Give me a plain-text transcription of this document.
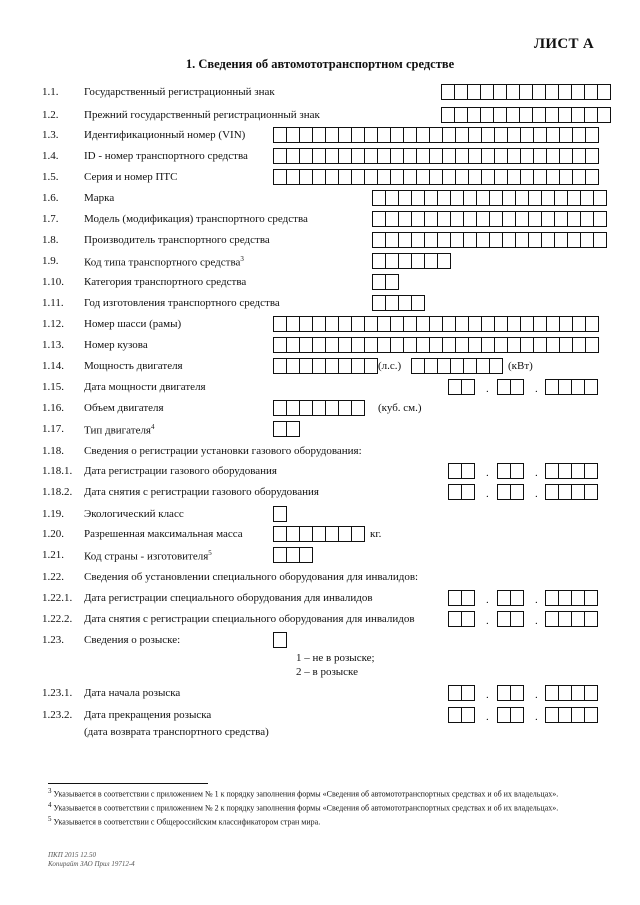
ЛИСТ А
1. Сведения об автомототранспортном средстве
1.1. Государственный регистрационный знак
1.2. Прежний государственный регистрационный знак
1.3. Идентификационный номер (VIN)
1.4. ID - номер транспортного средства
1.5. Серия и номер ПТС
1.6. Марка
1.7. Модель (модификация) транспортного средства
1.8. Производитель транспортного средства
1.9. Код типа транспортного средства$^3$
1.10. Категория транспортного средства
1.11. Год изготовления транспортного средства
1.12. Номер шасси (рамы)
1.13. Номер кузова
1.14. Мощность двигателя	(л.с.)	(кВт)
1.15. Дата мощности двигателя	.	.
1.16. Объем двигателя	(куб. см.)
1.17. Тип двигателя$^4$
1.18. Сведения о регистрации установки газового оборудования:
1.18.1. Дата регистрации газового оборудования	.	.
1.18.2. Дата снятия с регистрации газового оборудования	.	.
1.19. Экологический класс
1.20. Разрешенная максимальная масса	кг.
1.21. Код страны - изготовителя$^5$
1.22. Сведения об установлении специального оборудования для инвалидов:
1.22.1. Дата регистрации специального оборудования для инвалидов	.	.
1.22.2. Дата снятия с регистрации специального оборудования для инвалидов	.	.
1.23. Сведения о розыске:
1 – не в розыске;
2 – в розыске
1.23.1. Дата начала розыска	.	.
1.23.2. Дата прекращения розыска	.	.
(дата возврата транспортного средства)
$^3$ Указывается в соответствии с приложением № 1 к порядку заполнения формы «Сведения об автомототранспортных средствах и об их владельцах».
$^4$ Указывается в соответствии с приложением № 2 к порядку заполнения формы «Сведения об автомототранспортных средствах и об их владельцах».
$^5$ Указывается в соответствии с Общероссийским классификатором стран мира.
ПКП 2015 12.50
Копирайт ЗАО Прил 19712-4
